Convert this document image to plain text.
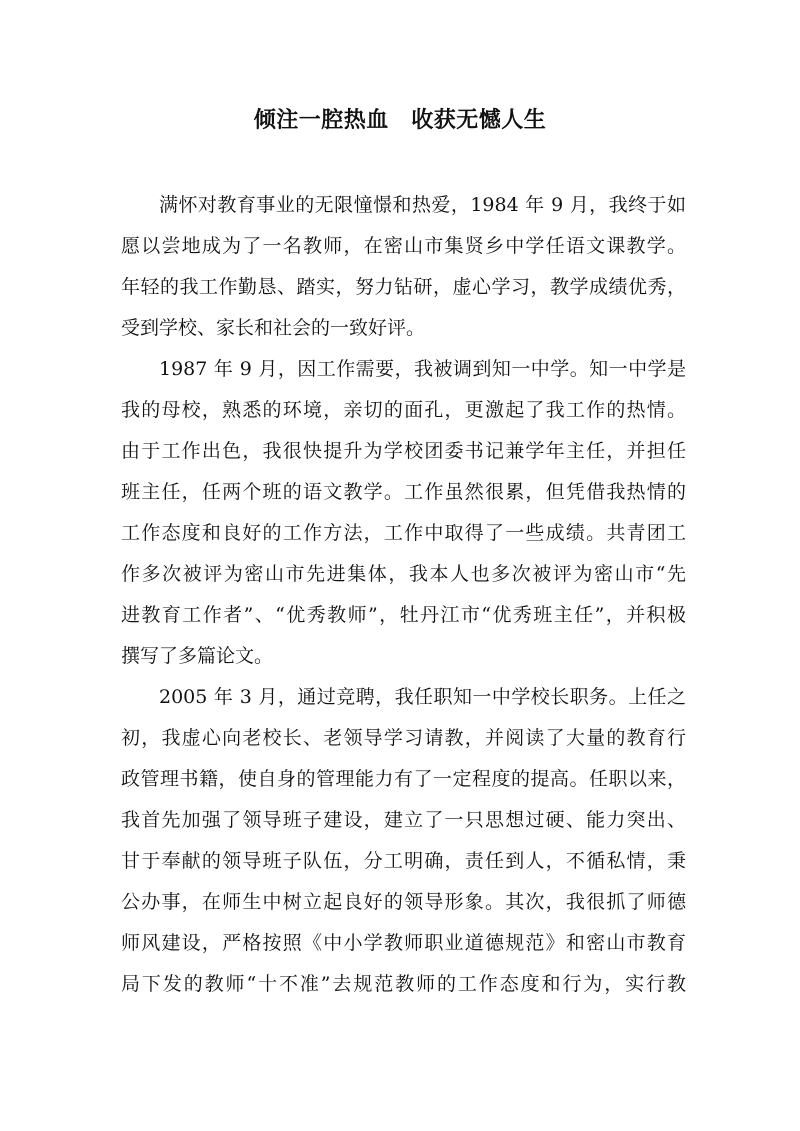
倾注一腔热血　收获无憾人生
满怀对教育事业的无限憧憬和热爱，1984 年 9 月，我终于如
愿以尝地成为了一名教师，在密山市集贤乡中学任语文课教学。
年轻的我工作勤恳、踏实，努力钻研，虚心学习，教学成绩优秀，
受到学校、家长和社会的一致好评。
1987 年 9 月，因工作需要，我被调到知一中学。知一中学是
我的母校，熟悉的环境，亲切的面孔，更激起了我工作的热情。
由于工作出色，我很快提升为学校团委书记兼学年主任，并担任
班主任，任两个班的语文教学。工作虽然很累，但凭借我热情的
工作态度和良好的工作方法，工作中取得了一些成绩。共青团工
作多次被评为密山市先进集体，我本人也多次被评为密山市“先
进教育工作者”、“优秀教师”，牡丹江市“优秀班主任”，并积极
撰写了多篇论文。
2005 年 3 月，通过竞聘，我任职知一中学校长职务。上任之
初，我虚心向老校长、老领导学习请教，并阅读了大量的教育行
政管理书籍，使自身的管理能力有了一定程度的提高。任职以来，
我首先加强了领导班子建设，建立了一只思想过硬、能力突出、
甘于奉献的领导班子队伍，分工明确，责任到人，不循私情，秉
公办事，在师生中树立起良好的领导形象。其次，我很抓了师德
师风建设，严格按照《中小学教师职业道德规范》和密山市教育
局下发的教师“十不准”去规范教师的工作态度和行为，实行教
